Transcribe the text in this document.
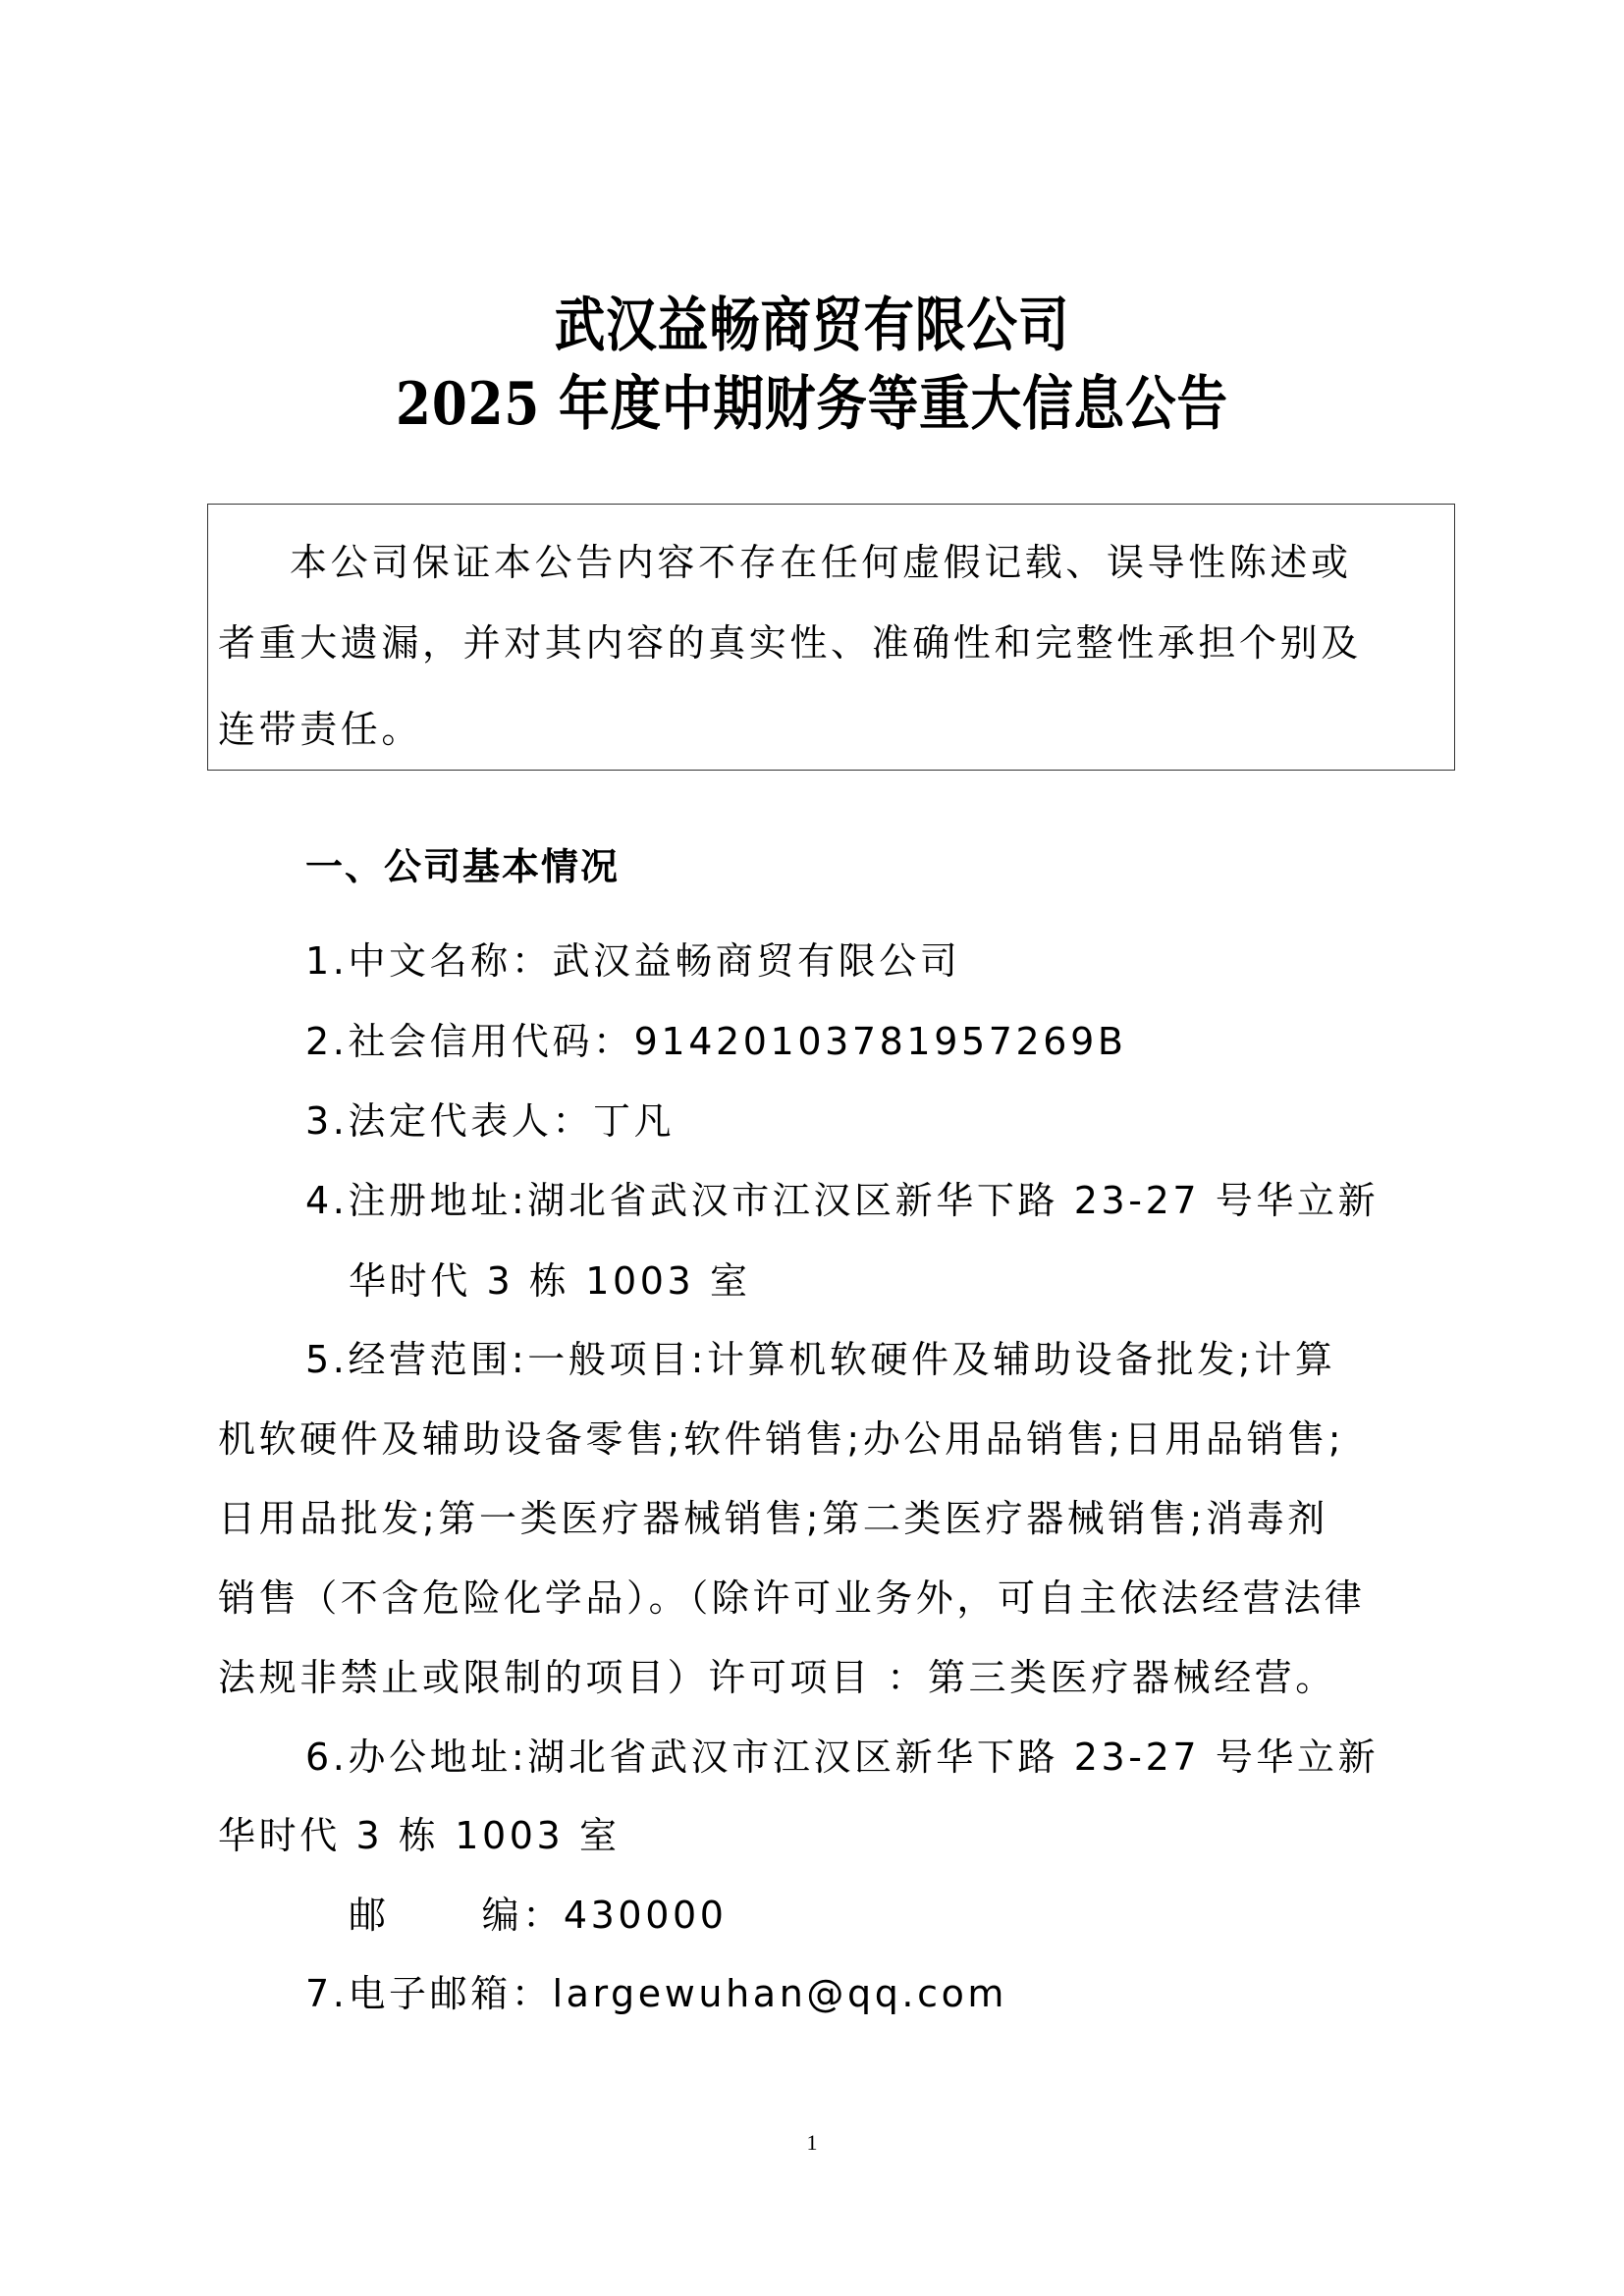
武汉益畅商贸有限公司
2025 年度中期财务等重大信息公告
本公司保证本公告内容不存在任何虚假记载、误导性陈述或
者重大遗漏，并对其内容的真实性、准确性和完整性承担个别及
连带责任。
一、公司基本情况
1.中文名称：武汉益畅商贸有限公司
2.社会信用代码：91420103781957269B
3.法定代表人：丁凡
4.注册地址:湖北省武汉市江汉区新华下路 23-27 号华立新
华时代 3 栋 1003 室
5.经营范围:一般项目:计算机软硬件及辅助设备批发;计算
机软硬件及辅助设备零售;软件销售;办公用品销售;日用品销售;
日用品批发;第一类医疗器械销售;第二类医疗器械销售;消毒剂
销售（不含危险化学品）。（除许可业务外，可自主依法经营法律
法规非禁止或限制的项目）许可项目 ：第三类医疗器械经营。
6.办公地址:湖北省武汉市江汉区新华下路 23-27 号华立新
华时代 3 栋 1003 室
邮      编：430000
7.电子邮箱：largewuhan@qq.com
1
